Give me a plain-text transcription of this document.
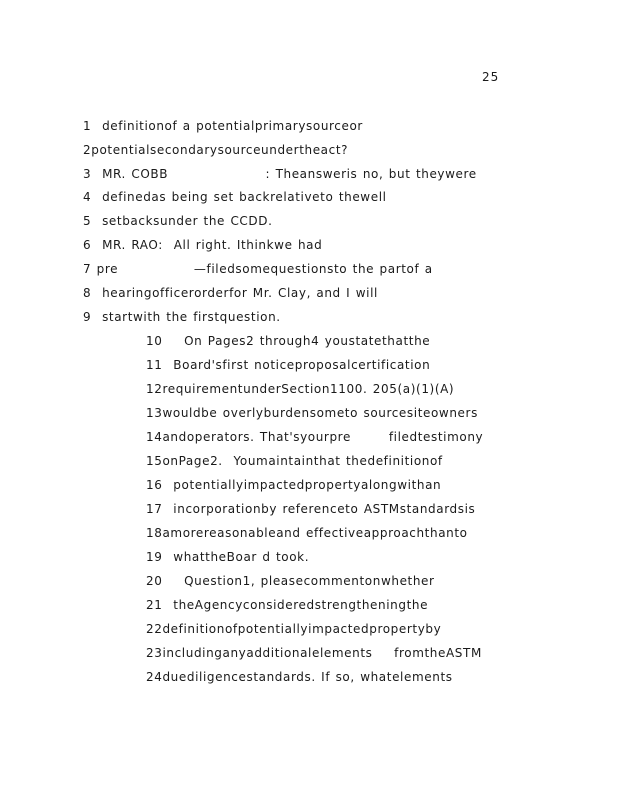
25
1  definitionof a potentialprimarysourceor
2potentialsecondarysourceundertheact?
3  MR. COBB                  : Theansweris no, but theywere
4  definedas being set backrelativeto thewell
5  setbacksunder the CCDD.
6  MR. RAO:  All right. Ithinkwe had
7 pre              —filedsomequestionsto the partof a
8  hearingofficerorderfor Mr. Clay, and I will
9  startwith the firstquestion.
10    On Pages2 through4 youstatethatthe
11  Board'sfirst noticeproposalcertification
12requirementunderSection1100. 205(a)(1)(A)
13wouldbe overlyburdensometo sourcesiteowners
14andoperators. That'syourpre       filedtestimony
15onPage2.  Youmaintainthat thedefinitionof
16  potentiallyimpactedpropertyalongwithan
17  incorporationby referenceto ASTMstandardsis
18amorereasonableand effectiveapproachthanto
19  whattheBoar d took.
20    Question1, pleasecommentonwhether
21  theAgencyconsideredstrengtheningthe
22definitionofpotentiallyimpactedpropertyby
23includinganyadditionalelements    fromtheASTM
24duediligencestandards. If so, whatelements
